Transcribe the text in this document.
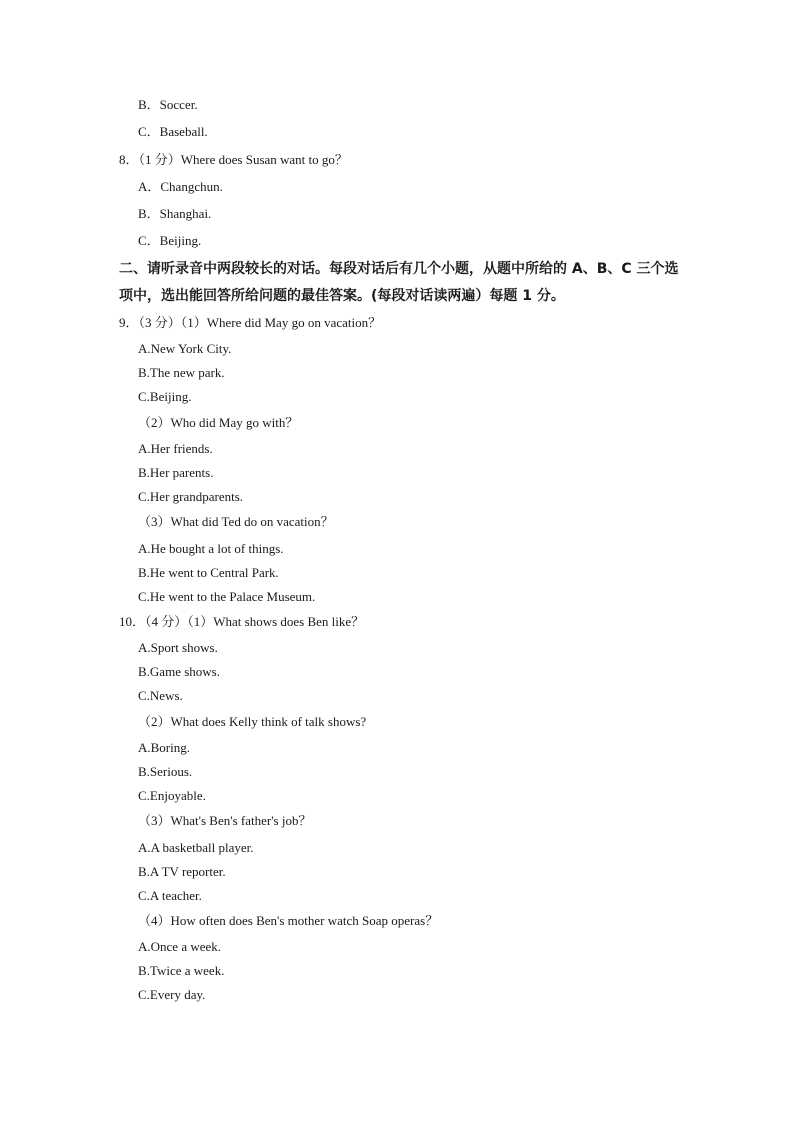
B．Soccer.
C．Baseball.
8．（1 分）Where does Susan want to go？
A．Changchun.
B．Shanghai.
C．Beijing.
二、请听录音中两段较长的对话。每段对话后有几个小题，从题中所给的 A、B、C 三个选
项中，选出能回答所给问题的最佳答案。(每段对话读两遍）每题 1 分。
9．（3 分）（1）Where did May go on vacation？
A.New York City.
B.The new park.
C.Beijing.
（2）Who did May go with？
A.Her friends.
B.Her parents.
C.Her grandparents.
（3）What did Ted do on vacation？
A.He bought a lot of things.
B.He went to Central Park.
C.He went to the Palace Museum.
10．（4 分）（1）What shows does Ben like？
A.Sport shows.
B.Game shows.
C.News.
（2）What does Kelly think of talk shows?
A.Boring.
B.Serious.
C.Enjoyable.
（3）What's Ben's father's job？
A.A basketball player.
B.A TV reporter.
C.A teacher.
（4）How often does Ben's mother watch Soap operas？
A.Once a week.
B.Twice a week.
C.Every day.
